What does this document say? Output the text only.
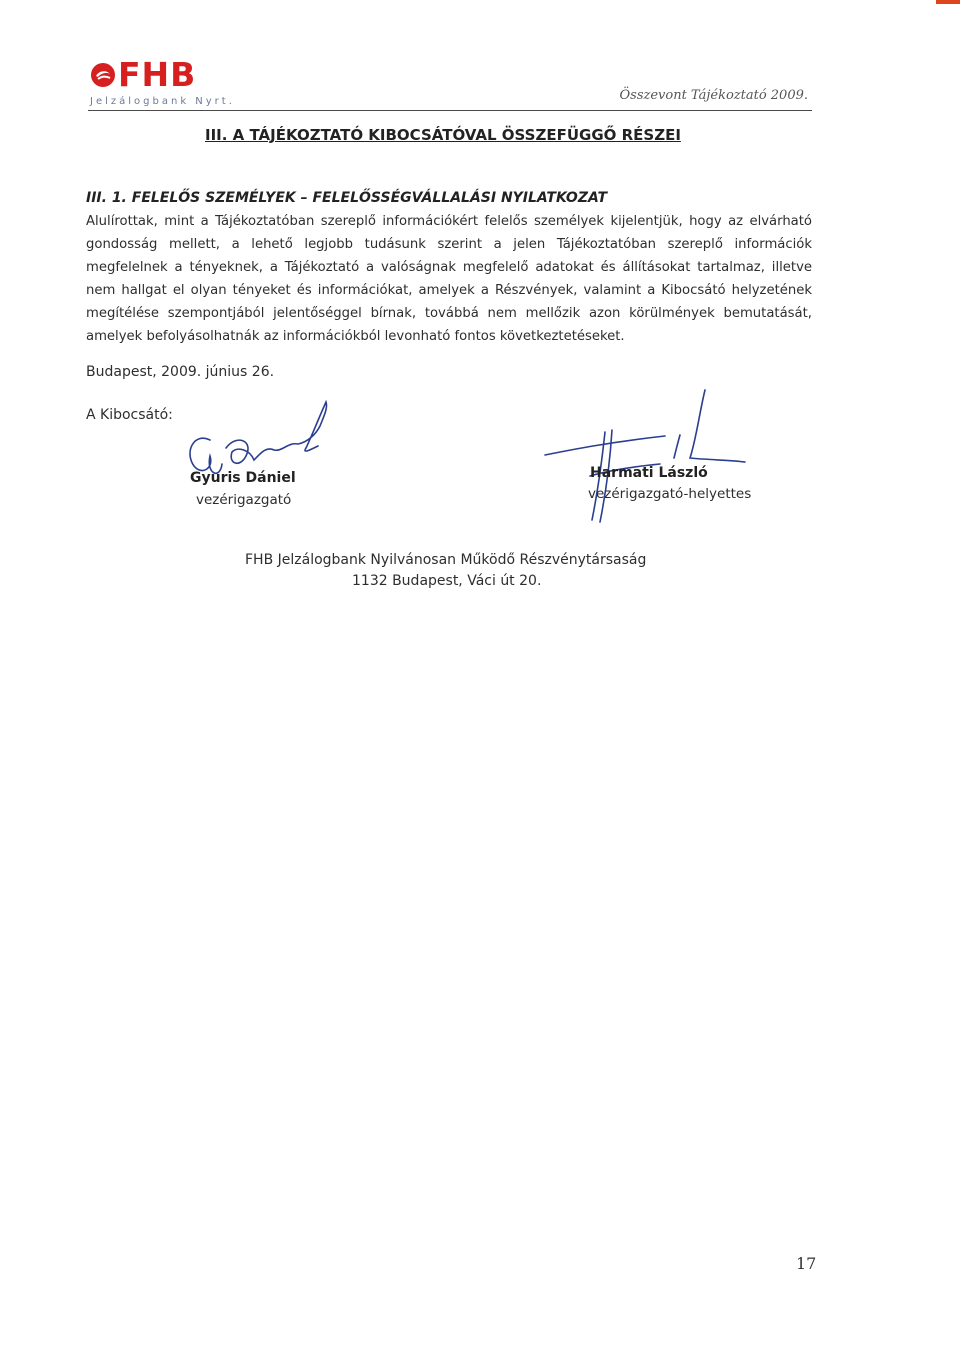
FHB
Jelzálogbank Nyrt.	Összevont Tájékoztató 2009.
III. A TÁJÉKOZTATÓ KIBOCSÁTÓVAL ÖSSZEFÜGGŐ RÉSZEI
III. 1. FELELŐS SZEMÉLYEK – FELELŐSSÉGVÁLLALÁSI NYILATKOZAT
Alulírottak, mint a Tájékoztatóban szereplő információkért felelős személyek kijelentjük, hogy az elvárható gondosság mellett, a lehető legjobb tudásunk szerint a jelen Tájékoztatóban szereplő információk megfelelnek a tényeknek, a Tájékoztató a valóságnak megfelelő adatokat és állításokat tartalmaz, illetve nem hallgat el olyan tényeket és információkat, amelyek a Részvények, valamint a Kibocsátó helyzetének megítélése szempontjából jelentőséggel bírnak, továbbá nem mellőzik azon körülmények bemutatását, amelyek befolyásolhatnák az információkból levonható fontos következtetéseket.
Budapest, 2009. június 26.
A Kibocsátó:
Gyuris Dániel
vezérigazgató
Harmati László
vezérigazgató-helyettes
FHB Jelzálogbank Nyilvánosan Működő Részvénytársaság
1132 Budapest, Váci út 20.
17
